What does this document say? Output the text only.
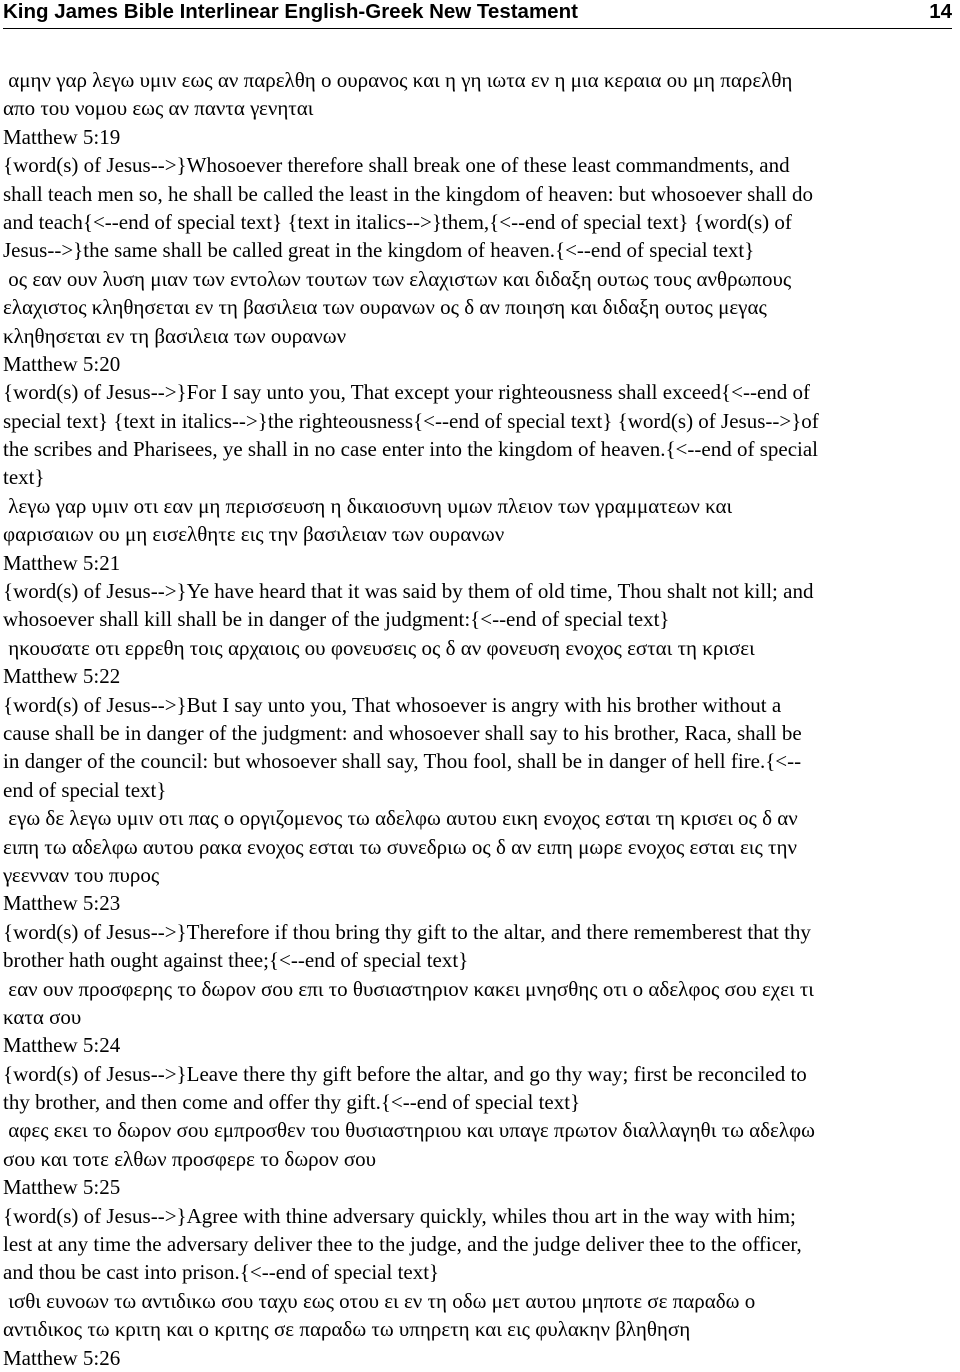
King James Bible Interlinear English-Greek New Testament	14
αμην γαρ λεγω υμιν εως αν παρελθη ο ουρανος και η γη ιωτα εν η μια κεραια ου μη παρελθη
απο του νομου εως αν παντα γενηται
Matthew 5:19
{word(s) of Jesus-->}Whosoever therefore shall break one of these least commandments, and
shall teach men so, he shall be called the least in the kingdom of heaven: but whosoever shall do
and teach{<--end of special text} {text in italics-->}them,{<--end of special text} {word(s) of
Jesus-->}the same shall be called great in the kingdom of heaven.{<--end of special text}
ος εαν ουν λυση μιαν των εντολων τουτων των ελαχιστων και διδαξη ουτως τους ανθρωπους
ελαχιστος κληθησεται εν τη βασιλεια των ουρανων ος δ αν ποιηση και διδαξη ουτος μεγας
κληθησεται εν τη βασιλεια των ουρανων
Matthew 5:20
{word(s) of Jesus-->}For I say unto you, That except your righteousness shall exceed{<--end of
special text} {text in italics-->}the righteousness{<--end of special text} {word(s) of Jesus-->}of
the scribes and Pharisees, ye shall in no case enter into the kingdom of heaven.{<--end of special
text}
λεγω γαρ υμιν οτι εαν μη περισσευση η δικαιοσυνη υμων πλειον των γραμματεων και
φαρισαιων ου μη εισελθητε εις την βασιλειαν των ουρανων
Matthew 5:21
{word(s) of Jesus-->}Ye have heard that it was said by them of old time, Thou shalt not kill; and
whosoever shall kill shall be in danger of the judgment:{<--end of special text}
ηκουσατε οτι ερρεθη τοις αρχαιοις ου φονευσεις ος δ αν φονευση ενοχος εσται τη κρισει
Matthew 5:22
{word(s) of Jesus-->}But I say unto you, That whosoever is angry with his brother without a
cause shall be in danger of the judgment: and whosoever shall say to his brother, Raca, shall be
in danger of the council: but whosoever shall say, Thou fool, shall be in danger of hell fire.{<--
end of special text}
εγω δε λεγω υμιν οτι πας ο οργιζομενος τω αδελφω αυτου εικη ενοχος εσται τη κρισει ος δ αν
ειπη τω αδελφω αυτου ρακα ενοχος εσται τω συνεδριω ος δ αν ειπη μωρε ενοχος εσται εις την
γεενναν του πυρος
Matthew 5:23
{word(s) of Jesus-->}Therefore if thou bring thy gift to the altar, and there rememberest that thy
brother hath ought against thee;{<--end of special text}
εαν ουν προσφερης το δωρον σου επι το θυσιαστηριον κακει μνησθης οτι ο αδελφος σου εχει τι
κατα σου
Matthew 5:24
{word(s) of Jesus-->}Leave there thy gift before the altar, and go thy way; first be reconciled to
thy brother, and then come and offer thy gift.{<--end of special text}
αφες εκει το δωρον σου εμπροσθεν του θυσιαστηριου και υπαγε πρωτον διαλλαγηθι τω αδελφω
σου και τοτε ελθων προσφερε το δωρον σου
Matthew 5:25
{word(s) of Jesus-->}Agree with thine adversary quickly, whiles thou art in the way with him;
lest at any time the adversary deliver thee to the judge, and the judge deliver thee to the officer,
and thou be cast into prison.{<--end of special text}
ισθι ευνοων τω αντιδικω σου ταχυ εως οτου ει εν τη οδω μετ αυτου μηποτε σε παραδω ο
αντιδικος τω κριτη και ο κριτης σε παραδω τω υπηρετη και εις φυλακην βληθηση
Matthew 5:26
